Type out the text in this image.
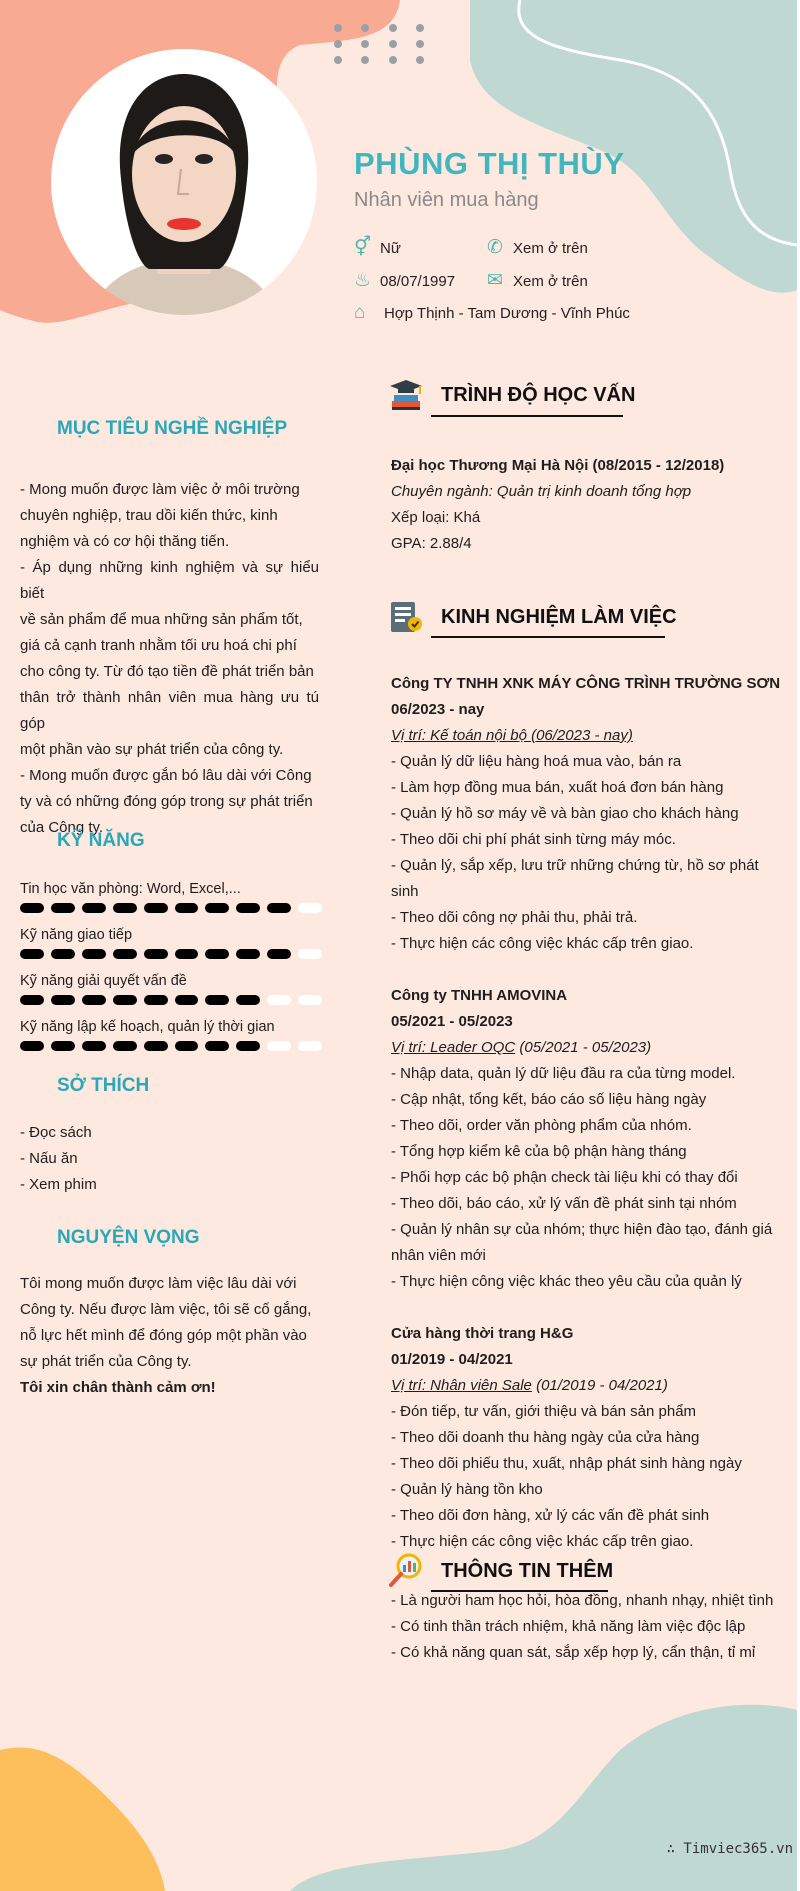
PHÙNG THỊ THÙY
Nhân viên mua hàng
⚥ Nữ	✆ Xem ở trên
♨ 08/07/1997 ✉ Xem ở trên
⌂ Hợp Thịnh - Tam Dương - Vĩnh Phúc
MỤC TIÊU NGHỀ NGHIỆP
- Mong muốn được làm việc ở môi trường
chuyên nghiệp, trau dồi kiến thức, kinh
nghiệm và có cơ hội thăng tiến.
- Áp dụng những kinh nghiệm và sự hiểu biết
về sản phẩm để mua những sản phẩm tốt,
giá cả cạnh tranh nhằm tối ưu hoá chi phí
cho công ty. Từ đó tạo tiền đề phát triển bản
thân trở thành nhân viên mua hàng ưu tú góp
một phần vào sự phát triển của công ty.
- Mong muốn được gắn bó lâu dài với Công
ty và có những đóng góp trong sự phát triển
của Công ty.
KỸ NĂNG
Tin học văn phòng: Word, Excel,...
Kỹ năng giao tiếp
Kỹ năng giải quyết vấn đề
Kỹ năng lập kế hoạch, quản lý thời gian
SỞ THÍCH
- Đọc sách
- Nấu ăn
- Xem phim
NGUYỆN VỌNG
Tôi mong muốn được làm việc lâu dài với
Công ty. Nếu được làm việc, tôi sẽ cố gắng,
nỗ lực hết mình để đóng góp một phần vào
sự phát triển của Công ty.
Tôi xin chân thành cảm ơn!
TRÌNH ĐỘ HỌC VẤN
Đại học Thương Mại Hà Nội (08/2015 - 12/2018)
Chuyên ngành: Quản trị kinh doanh tổng hợp
Xếp loại: Khá
GPA: 2.88/4
KINH NGHIỆM LÀM VIỆC
Công TY TNHH XNK MÁY CÔNG TRÌNH TRƯỜNG SƠN
06/2023 - nay
Vị trí: Kế toán nội bộ (06/2023 - nay)
- Quản lý dữ liệu hàng hoá mua vào, bán ra
- Làm hợp đồng mua bán, xuất hoá đơn bán hàng
- Quản lý hồ sơ máy về và bàn giao cho khách hàng
- Theo dõi chi phí phát sinh từng máy móc.
- Quản lý, sắp xếp, lưu trữ những chứng từ, hồ sơ phát
sinh
- Theo dõi công nợ phải thu, phải trả.
- Thực hiện các công việc khác cấp trên giao.
Công ty TNHH AMOVINA
05/2021 - 05/2023
Vị trí: Leader OQC (05/2021 - 05/2023)
- Nhập data, quản lý dữ liệu đầu ra của từng model.
- Cập nhật, tổng kết, báo cáo số liệu hàng ngày
- Theo dõi, order văn phòng phẩm của nhóm.
- Tổng hợp kiểm kê của bộ phận hàng tháng
- Phối hợp các bộ phận check tài liệu khi có thay đổi
- Theo dõi, báo cáo, xử lý vấn đề phát sinh tại nhóm
- Quản lý nhân sự của nhóm; thực hiện đào tạo, đánh giá
nhân viên mới
- Thực hiện công việc khác theo yêu cầu của quản lý
Cửa hàng thời trang H&G
01/2019 - 04/2021
Vị trí: Nhân viên Sale (01/2019 - 04/2021)
- Đón tiếp, tư vấn, giới thiệu và bán sản phẩm
- Theo dõi doanh thu hàng ngày của cửa hàng
- Theo dõi phiếu thu, xuất, nhập phát sinh hàng ngày
- Quản lý hàng tồn kho
- Theo dõi đơn hàng, xử lý các vấn đề phát sinh
- Thực hiện các công việc khác cấp trên giao.
THÔNG TIN THÊM
- Là người ham học hỏi, hòa đồng, nhanh nhạy, nhiệt tình
- Có tinh thần trách nhiệm, khả năng làm việc độc lập
- Có khả năng quan sát, sắp xếp hợp lý, cẩn thận, tỉ mỉ
∴ Timviec365.vn
